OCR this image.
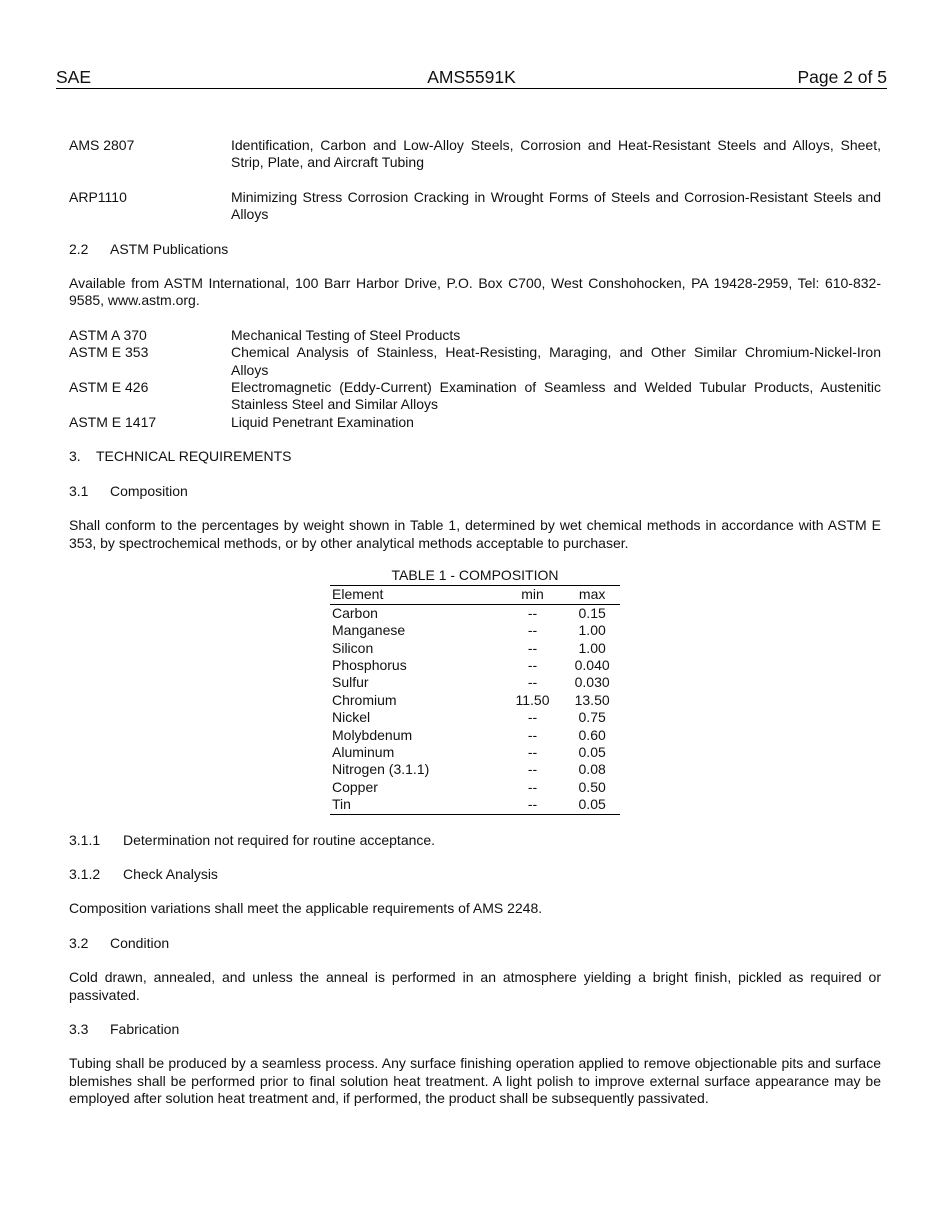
SAE	AMS5591K	Page 2 of 5
AMS 2807	Identification, Carbon and Low-Alloy Steels, Corrosion and Heat-Resistant Steels and Alloys, Sheet, Strip, Plate, and Aircraft Tubing
ARP1110	Minimizing Stress Corrosion Cracking in Wrought Forms of Steels and Corrosion-Resistant Steels and Alloys
2.2 ASTM Publications
Available from ASTM International, 100 Barr Harbor Drive, P.O. Box C700, West Conshohocken, PA 19428-2959, Tel: 610-832-9585, www.astm.org.
ASTM A 370	Mechanical Testing of Steel Products
ASTM E 353	Chemical Analysis of Stainless, Heat-Resisting, Maraging, and Other Similar Chromium-Nickel-Iron Alloys
ASTM E 426	Electromagnetic (Eddy-Current) Examination of Seamless and Welded Tubular Products, Austenitic Stainless Steel and Similar Alloys
ASTM E 1417	Liquid Penetrant Examination
3. TECHNICAL REQUIREMENTS
3.1 Composition
Shall conform to the percentages by weight shown in Table 1, determined by wet chemical methods in accordance with ASTM E 353, by spectrochemical methods, or by other analytical methods acceptable to purchaser.
TABLE 1 - COMPOSITION
Element	min	max
Carbon	--	0.15
Manganese	--	1.00
Silicon	--	1.00
Phosphorus	--	0.040
Sulfur	--	0.030
Chromium	11.50	13.50
Nickel	--	0.75
Molybdenum	--	0.60
Aluminum	--	0.05
Nitrogen (3.1.1)	--	0.08
Copper	--	0.50
Tin	--	0.05
3.1.1 Determination not required for routine acceptance.
3.1.2 Check Analysis
Composition variations shall meet the applicable requirements of AMS 2248.
3.2 Condition
Cold drawn, annealed, and unless the anneal is performed in an atmosphere yielding a bright finish, pickled as required or passivated.
3.3 Fabrication
Tubing shall be produced by a seamless process. Any surface finishing operation applied to remove objectionable pits and surface blemishes shall be performed prior to final solution heat treatment. A light polish to improve external surface appearance may be employed after solution heat treatment and, if performed, the product shall be subsequently passivated.
